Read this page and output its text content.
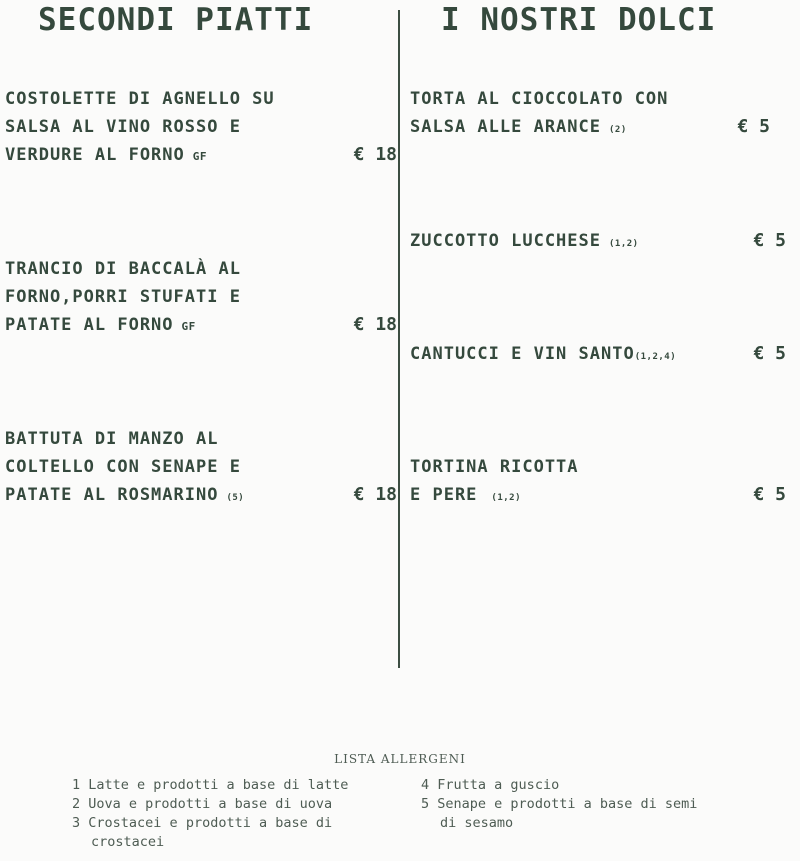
SECONDI PIATTI	I NOSTRI DOLCI
COSTOLETTE DI AGNELLO SU
SALSA AL VINO ROSSO E
VERDURE AL FORNO GF	€ 18
TRANCIO DI BACCALÀ AL
FORNO,PORRI STUFATI E
PATATE AL FORNO GF	€ 18
BATTUTA DI MANZO AL
COLTELLO CON SENAPE E
PATATE AL ROSMARINO (5)	€ 18
TORTA AL CIOCCOLATO CON
SALSA ALLE ARANCE (2)	€ 5
ZUCCOTTO LUCCHESE (1,2)	€ 5
CANTUCCI E VIN SANTO(1,2,4)	€ 5
TORTINA RICOTTA
E PERE (1,2)	€ 5
LISTA ALLERGENI
1 Latte e prodotti a base di latte
2 Uova e prodotti a base di uova
3 Crostacei e prodotti a base di
crostacei
4 Frutta a guscio
5 Senape e prodotti a base di semi
di sesamo
